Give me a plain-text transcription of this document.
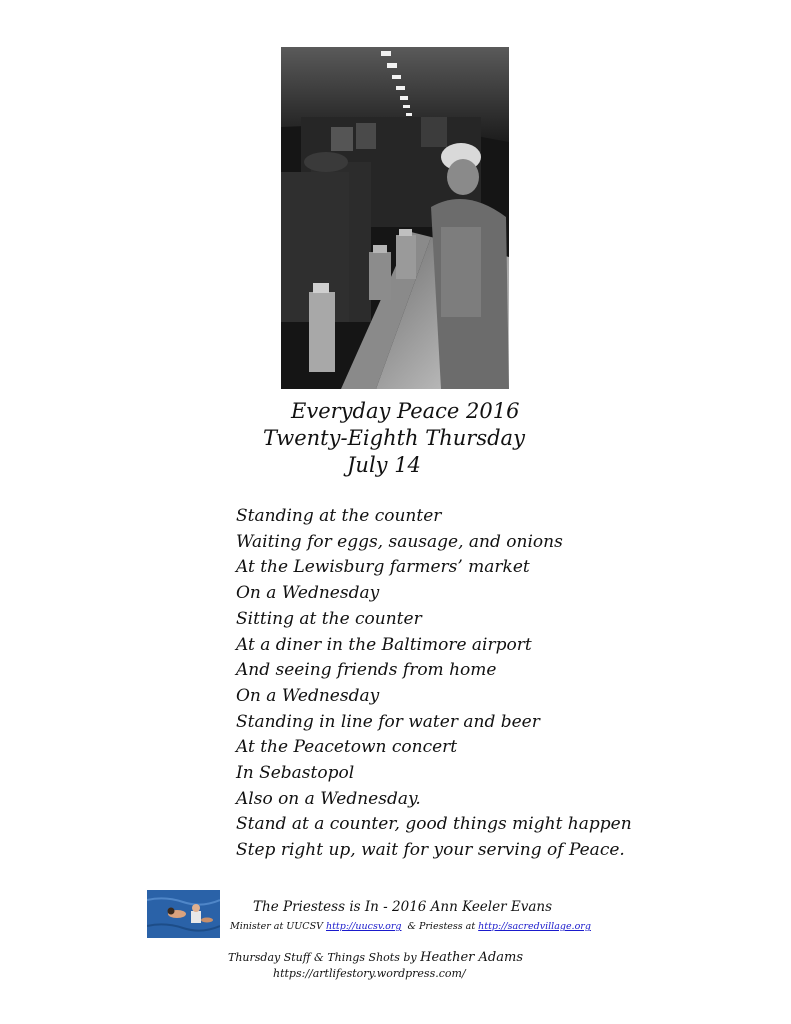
Everyday Peace 2016
Twenty-Eighth Thursday
July 14
Standing at the counter
Waiting for eggs, sausage, and onions
At the Lewisburg farmers’ market
On a Wednesday
Sitting at the counter
At a diner in the Baltimore airport
And seeing friends from home
On a Wednesday
Standing in line for water and beer
At the Peacetown concert
In Sebastopol
Also on a Wednesday.
Stand at a counter, good things might happen
Step right up, wait for your serving of Peace.
The Priestess is In - 2016 Ann Keeler Evans
Minister at UUCSV http://uucsv.org  & Priestess at http://sacredvillage.org
Thursday Stuff & Things Shots by Heather Adams
https://artlifestory.wordpress.com/
